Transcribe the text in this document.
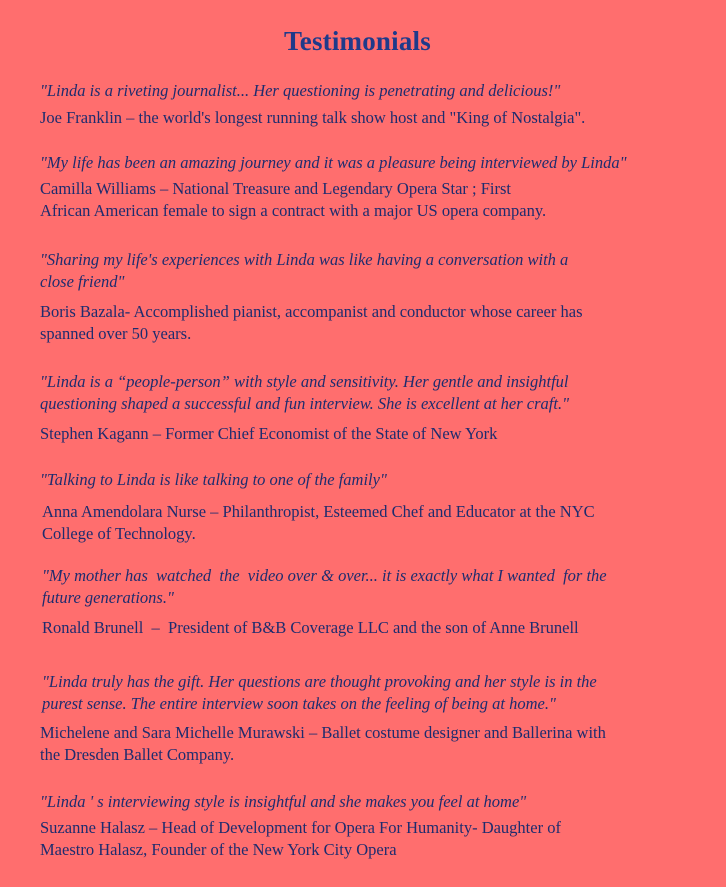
Testimonials

"Linda is a riveting journalist... Her questioning is penetrating and delicious!"

Joe Franklin – the world's longest running talk show host and "King of Nostalgia".

"My life has been an amazing journey and it was a pleasure being interviewed by Linda"

Camilla Williams – National Treasure and Legendary Opera Star ; First
African American female to sign a contract with a major US opera company.

"Sharing my life's experiences with Linda was like having a conversation with a
close friend"

Boris Bazala- Accomplished pianist, accompanist and conductor whose career has
spanned over 50 years.

"Linda is a “people-person” with style and sensitivity. Her gentle and insightful
questioning shaped a successful and fun interview. She is excellent at her craft."

Stephen Kagann – Former Chief Economist of the State of New York

"Talking to Linda is like talking to one of the family"

Anna Amendolara Nurse – Philanthropist, Esteemed Chef and Educator at the NYC
College of Technology.

"My mother has  watched  the  video over & over... it is exactly what I wanted  for the
future generations."

Ronald Brunell  –  President of B&B Coverage LLC and the son of Anne Brunell

"Linda truly has the gift. Her questions are thought provoking and her style is in the
purest sense. The entire interview soon takes on the feeling of being at home."

Michelene and Sara Michelle Murawski – Ballet costume designer and Ballerina with
the Dresden Ballet Company.

"Linda ' s interviewing style is insightful and she makes you feel at home"

Suzanne Halasz – Head of Development for Opera For Humanity- Daughter of
Maestro Halasz, Founder of the New York City Opera
